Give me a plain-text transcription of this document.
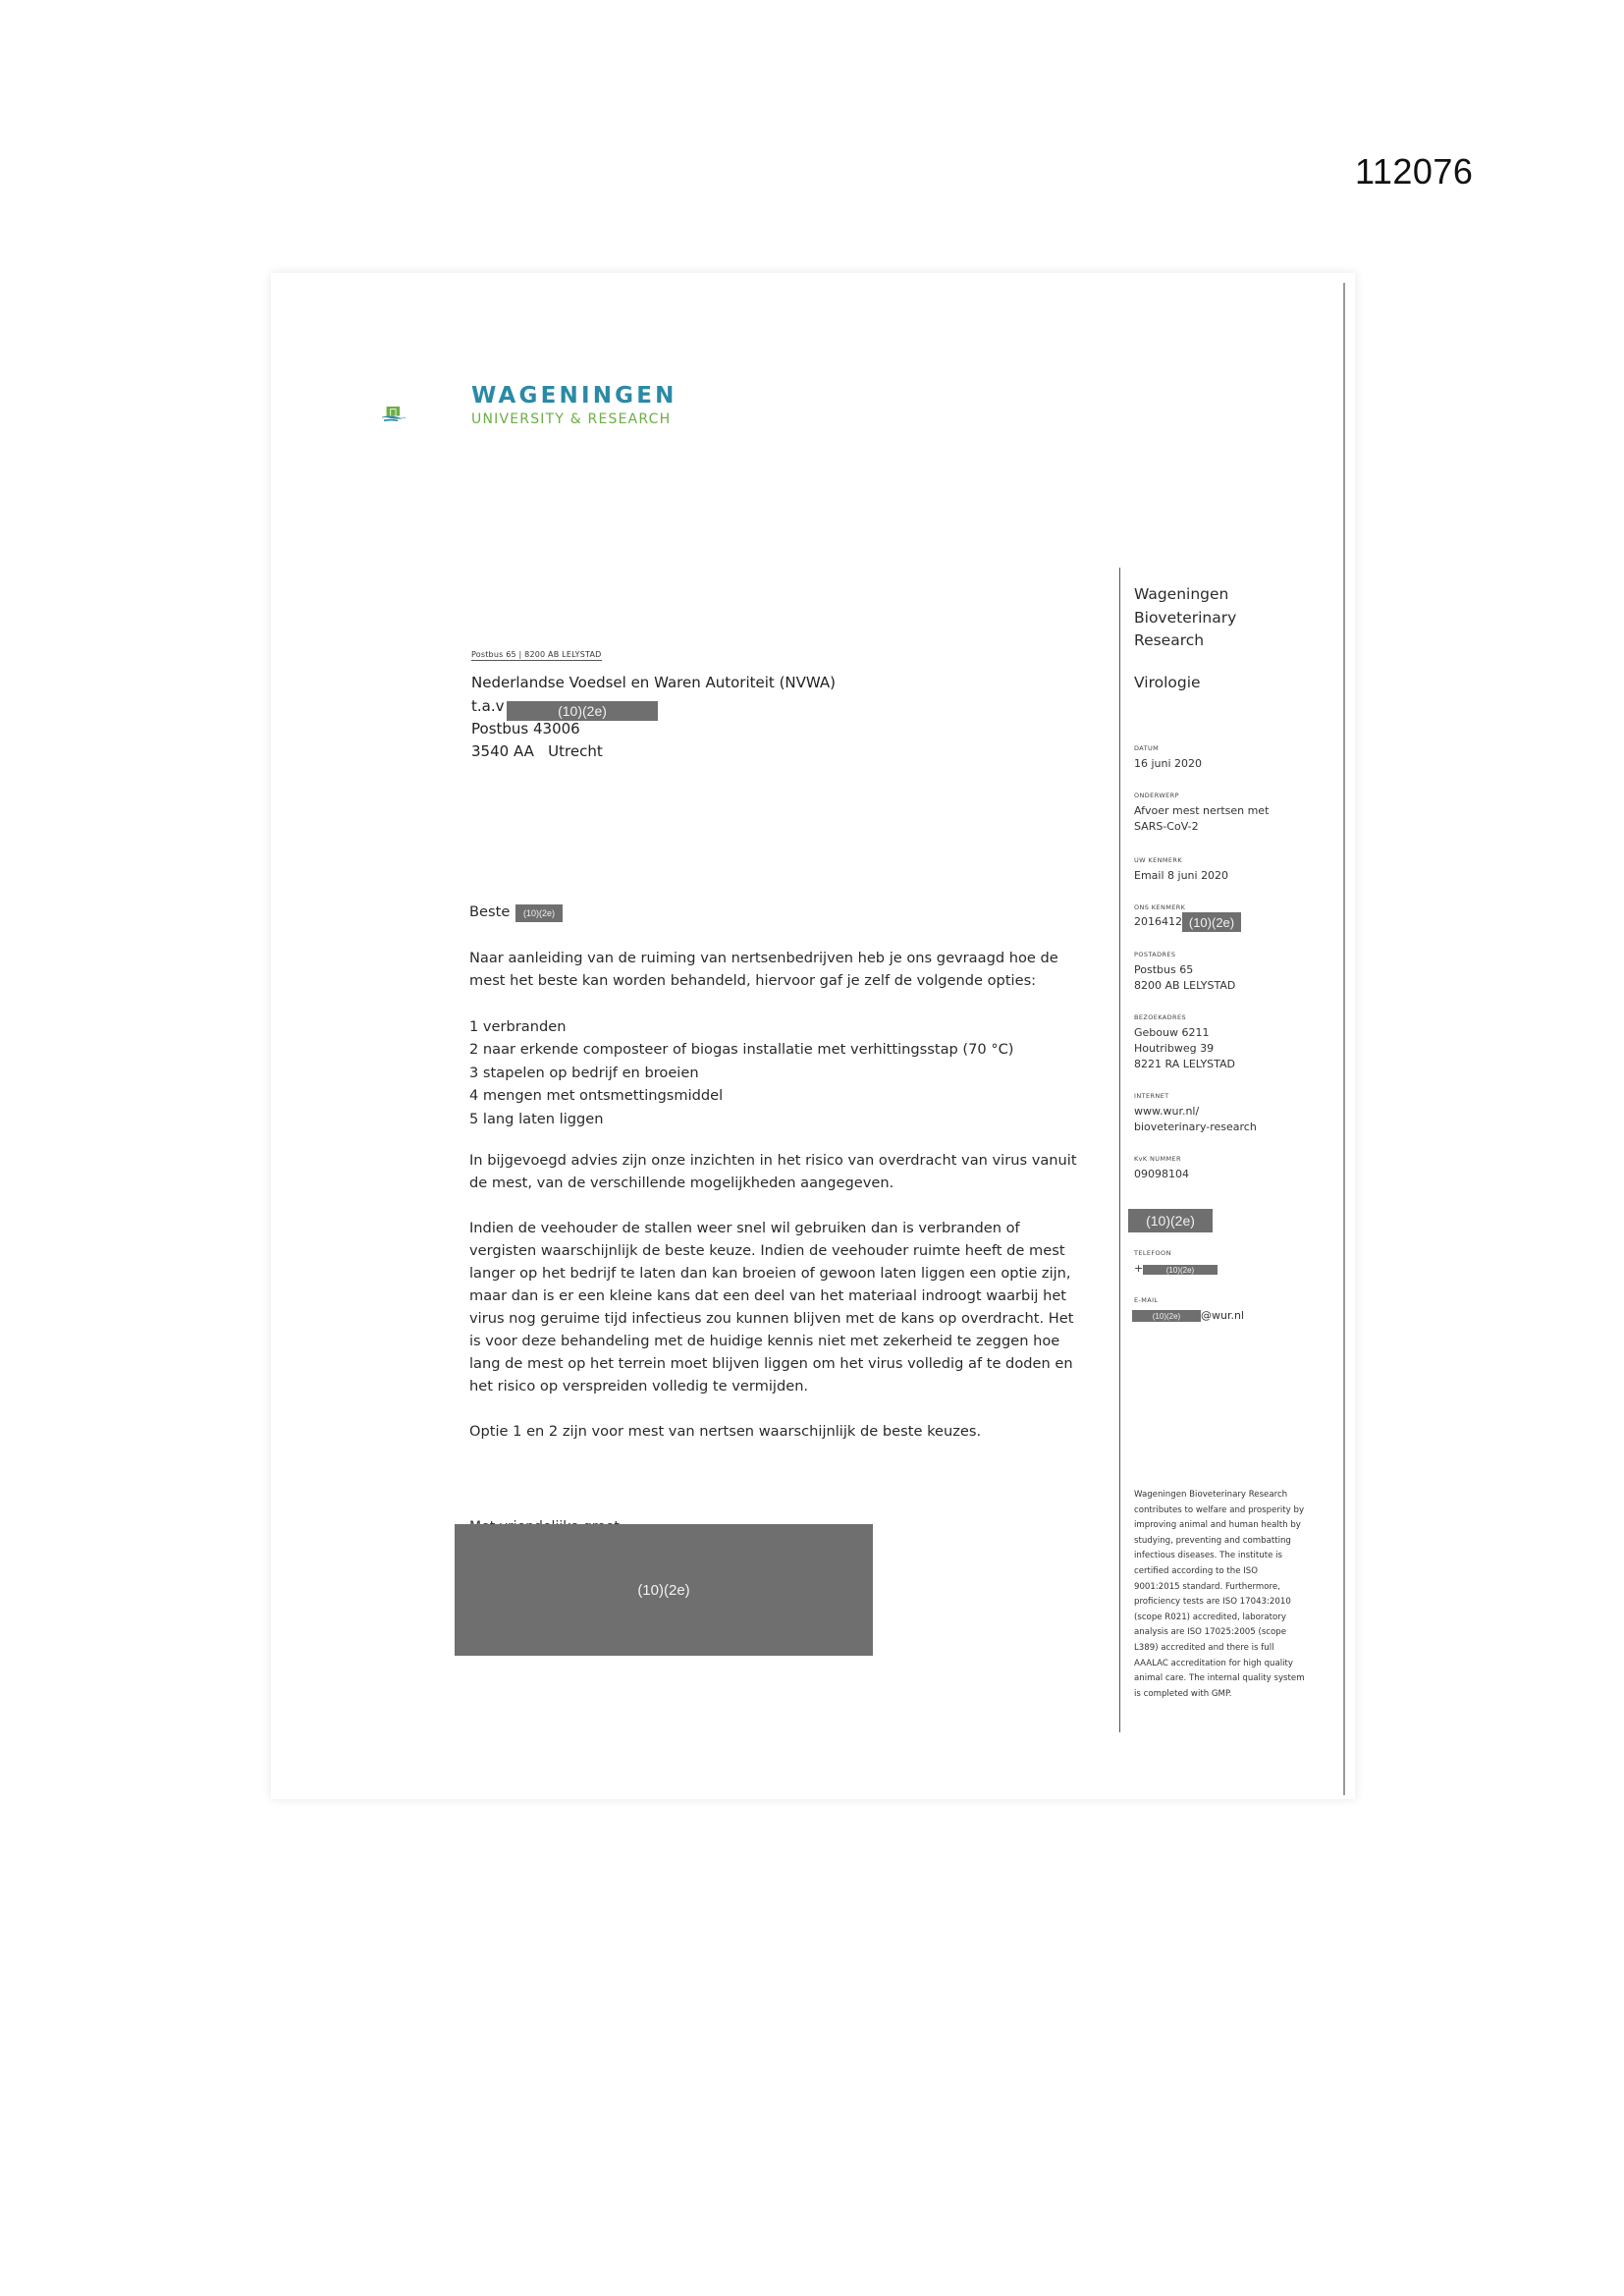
112076
WAGENINGEN
UNIVERSITY & RESEARCH
Wageningen Bioveterinary Research
Virologie
DATUM
16 juni 2020
ONDERWERP
Afvoer mest nertsen met SARS-CoV-2
UW KENMERK
Email 8 juni 2020
ONS KENMERK
2016412 (10)(2e)
POSTADRES
Postbus 65
8200 AB LELYSTAD
BEZOEKADRES
Gebouw 6211
Houtribweg 39
8221 RA LELYSTAD
INTERNET
www.wur.nl/
bioveterinary-research
KvK NUMMER
09098104
(10)(2e)
TELEFOON
+	(10)(2e)
E-MAIL
(10)(2e)	@wur.nl
Wageningen Bioveterinary Research contributes to welfare and prosperity by improving animal and human health by studying, preventing and combatting infectious diseases. The institute is certified according to the ISO 9001:2015 standard. Furthermore, proficiency tests are ISO 17043:2010 (scope R021) accredited, laboratory analysis are ISO 17025:2005 (scope L389) accredited and there is full AAALAC accreditation for high quality animal care. The internal quality system is completed with GMP.
Postbus 65 | 8200 AB LELYSTAD
Nederlandse Voedsel en Waren Autoriteit (NVWA)
t.a.v	(10)(2e)
Postbus 43006
3540 AA   Utrecht
Beste	(10)(2e)
Naar aanleiding van de ruiming van nertsenbedrijven heb je ons gevraagd hoe de
mest het beste kan worden behandeld, hiervoor gaf je zelf de volgende opties:
1 verbranden
2 naar erkende composteer of biogas installatie met verhittingsstap (70 °C)
3 stapelen op bedrijf en broeien
4 mengen met ontsmettingsmiddel
5 lang laten liggen
In bijgevoegd advies zijn onze inzichten in het risico van overdracht van virus vanuit
de mest, van de verschillende mogelijkheden aangegeven.
Indien de veehouder de stallen weer snel wil gebruiken dan is verbranden of
vergisten waarschijnlijk de beste keuze. Indien de veehouder ruimte heeft de mest
langer op het bedrijf te laten dan kan broeien of gewoon laten liggen een optie zijn,
maar dan is er een kleine kans dat een deel van het materiaal indroogt waarbij het
virus nog geruime tijd infectieus zou kunnen blijven met de kans op overdracht. Het
is voor deze behandeling met de huidige kennis niet met zekerheid te zeggen hoe
lang de mest op het terrein moet blijven liggen om het virus volledig af te doden en
het risico op verspreiden volledig te vermijden.
Optie 1 en 2 zijn voor mest van nertsen waarschijnlijk de beste keuzes.
(10)(2e)
